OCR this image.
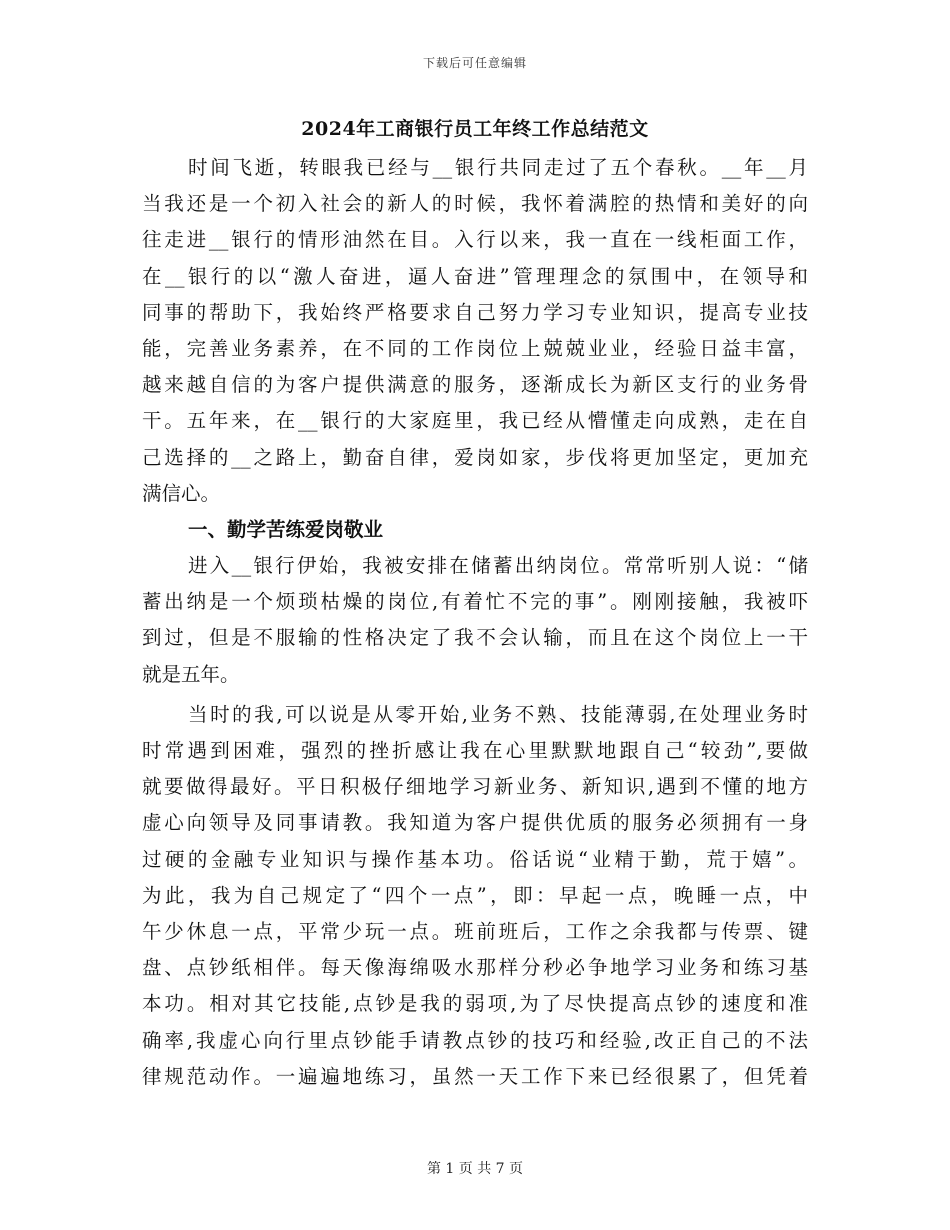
下载后可任意编辑
2024年工商银行员工年终工作总结范文
时间飞逝，转眼我已经与__银行共同走过了五个春秋。__年__月
当我还是一个初入社会的新人的时候，我怀着满腔的热情和美好的向
往走进__银行的情形油然在目。入行以来，我一直在一线柜面工作，
在__银行的以“激人奋进，逼人奋进”管理理念的氛围中，在领导和
同事的帮助下，我始终严格要求自己努力学习专业知识，提高专业技
能，完善业务素养，在不同的工作岗位上兢兢业业，经验日益丰富，
越来越自信的为客户提供满意的服务，逐渐成长为新区支行的业务骨
干。五年来，在__银行的大家庭里，我已经从懵懂走向成熟，走在自
己选择的__之路上，勤奋自律，爱岗如家，步伐将更加坚定，更加充
满信心。
一、勤学苦练爱岗敬业
进入__银行伊始，我被安排在储蓄出纳岗位。常常听别人说：“储
蓄出纳是一个烦琐枯燥的岗位,有着忙不完的事”。刚刚接触，我被吓
到过，但是不服输的性格决定了我不会认输，而且在这个岗位上一干
就是五年。
当时的我,可以说是从零开始,业务不熟、技能薄弱,在处理业务时
时常遇到困难，强烈的挫折感让我在心里默默地跟自己“较劲”,要做
就要做得最好。平日积极仔细地学习新业务、新知识,遇到不懂的地方
虚心向领导及同事请教。我知道为客户提供优质的服务必须拥有一身
过硬的金融专业知识与操作基本功。俗话说“业精于勤，荒于嬉”。
为此，我为自己规定了“四个一点”，即：早起一点，晚睡一点，中
午少休息一点，平常少玩一点。班前班后，工作之余我都与传票、键
盘、点钞纸相伴。每天像海绵吸水那样分秒必争地学习业务和练习基
本功。相对其它技能,点钞是我的弱项,为了尽快提高点钞的速度和准
确率,我虚心向行里点钞能手请教点钞的技巧和经验,改正自己的不法
律规范动作。一遍遍地练习，虽然一天工作下来已经很累了，但凭着
第 1 页 共 7 页
